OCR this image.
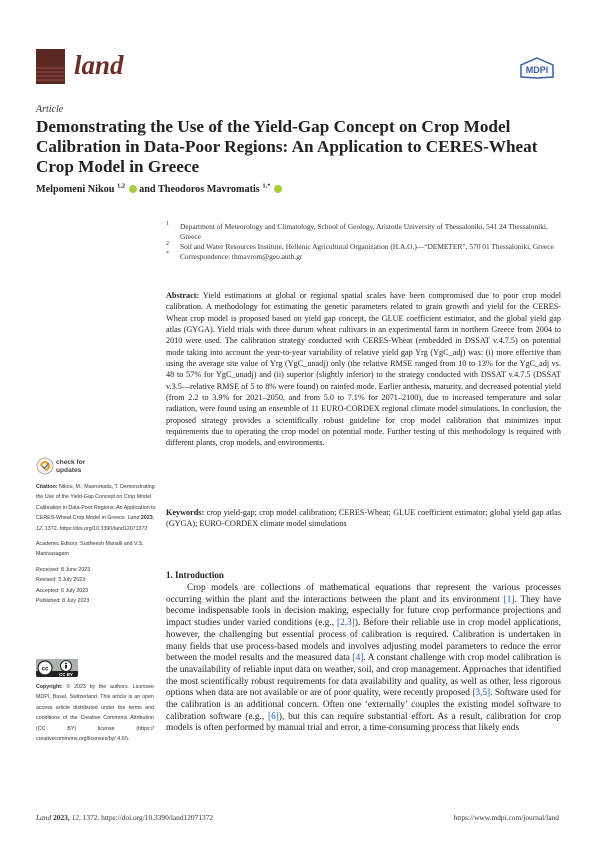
land	MDPI
Article
Demonstrating the Use of the Yield-Gap Concept on Crop Model Calibration in Data-Poor Regions: An Application to CERES-Wheat Crop Model in Greece
Melpomeni Nikou $^{1,2}$ and Theodoros Mavromatis $^{1,*}$
1 Department of Meteorology and Climatology, School of Geology, Aristotle University of Thessaloniki, 541 24 Thessaloniki, Greece
2 Soil and Water Resources Institute, Hellenic Agricultural Organization (H.A.O.)—“DEMETER”, 570 01 Thessaloniki, Greece
* Correspondence: thmavrom@geo.auth.gr
Abstract: Yield estimations at global or regional spatial scales have been compromised due to poor crop model calibration. A methodology for estimating the genetic parameters related to grain growth and yield for the CERES-Wheat crop model is proposed based on yield gap concept, the GLUE coefficient estimator, and the global yield gap atlas (GYGA). Yield trials with three durum wheat cultivars in an experimental farm in northern Greece from 2004 to 2010 were used. The calibration strategy conducted with CERES-Wheat (embedded in DSSAT v.4.7.5) on potential mode taking into account the year-to-year variability of relative yield gap Yrg (YgC_adj) was: (i) more effective than using the average site value of Yrg (YgC_unadj) only (the relative RMSE ranged from 10 to 13% for the YgC_adj vs. 48 to 57% for YgC_unadj) and (ii) superior (slightly inferior) to the strategy conducted with DSSAT v.4.7.5 (DSSAT v.3.5—relative RMSE of 5 to 8% were found) on rainfed mode. Earlier anthesis, maturity, and decreased potential yield (from 2.2 to 3.9% for 2021–2050, and from 5.0 to 7.1% for 2071–2100), due to increased temperature and solar radiation, were found using an ensemble of 11 EURO-CORDEX regional climate model simulations. In conclusion, the proposed strategy provides a scientifically robust guideline for crop model calibration that minimizes input requirements due to operating the crop model on potential mode. Further testing of this methodology is required with different plants, crop models, and environments.
Keywords: crop yield-gap; crop model calibration; CERES-Wheat; GLUE coefficient estimator; global yield gap atlas (GYGA); EURO-CORDEX climate model simulations
check for
updates

Citation: Nikou, M.; Mavromatis, T. Demonstrating the Use of the Yield-Gap Concept on Crop Model Calibration in Data-Poor Regions: An Application to CERES-Wheat Crop Model in Greece. Land 2023, 12, 1372. https://doi.org/10.3390/land12071372

Academic Editors: Sudheesh Manalil and V.S. Manivasagam

Received: 8 June 2023

Revised: 3 July 2023

Accepted: 6 July 2023

Published: 8 July 2023

cc
CC BY
Copyright: © 2023 by the authors. Licensee MDPI, Basel, Switzerland. This article is an open access article distributed under the terms and conditions of the Creative Commons Attribution (CC BY) license (https:// creativecommons.org/licenses/by/ 4.0/).
1. Introduction
Crop models are collections of mathematical equations that represent the various processes occurring within the plant and the interactions between the plant and its environment [1]. They have become indispensable tools in decision making, especially for future crop performance projections and impact studies under varied conditions (e.g., [2,3]). Before their reliable use in crop model applications, however, the challenging but essential process of calibration is required. Calibration is undertaken in many fields that use process-based models and involves adjusting model parameters to reduce the error between the model results and the measured data [4]. A constant challenge with crop model calibration is the unavailability of reliable input data on weather, soil, and crop management. Approaches that identified the most scientifically robust requirements for data availability and quality, as well as other, less rigorous options when data are not available or are of poor quality, were recently proposed [3,5]. Software used for the calibration is an additional concern. Often one ‘externally’ couples the existing model software to calibration software (e.g., [6]), but this can require substantial effort. As a result, calibration for crop models is often performed by manual trial and error, a time-consuming process that likely ends
Land 2023, 12, 1372. https://doi.org/10.3390/land12071372	https://www.mdpi.com/journal/land
